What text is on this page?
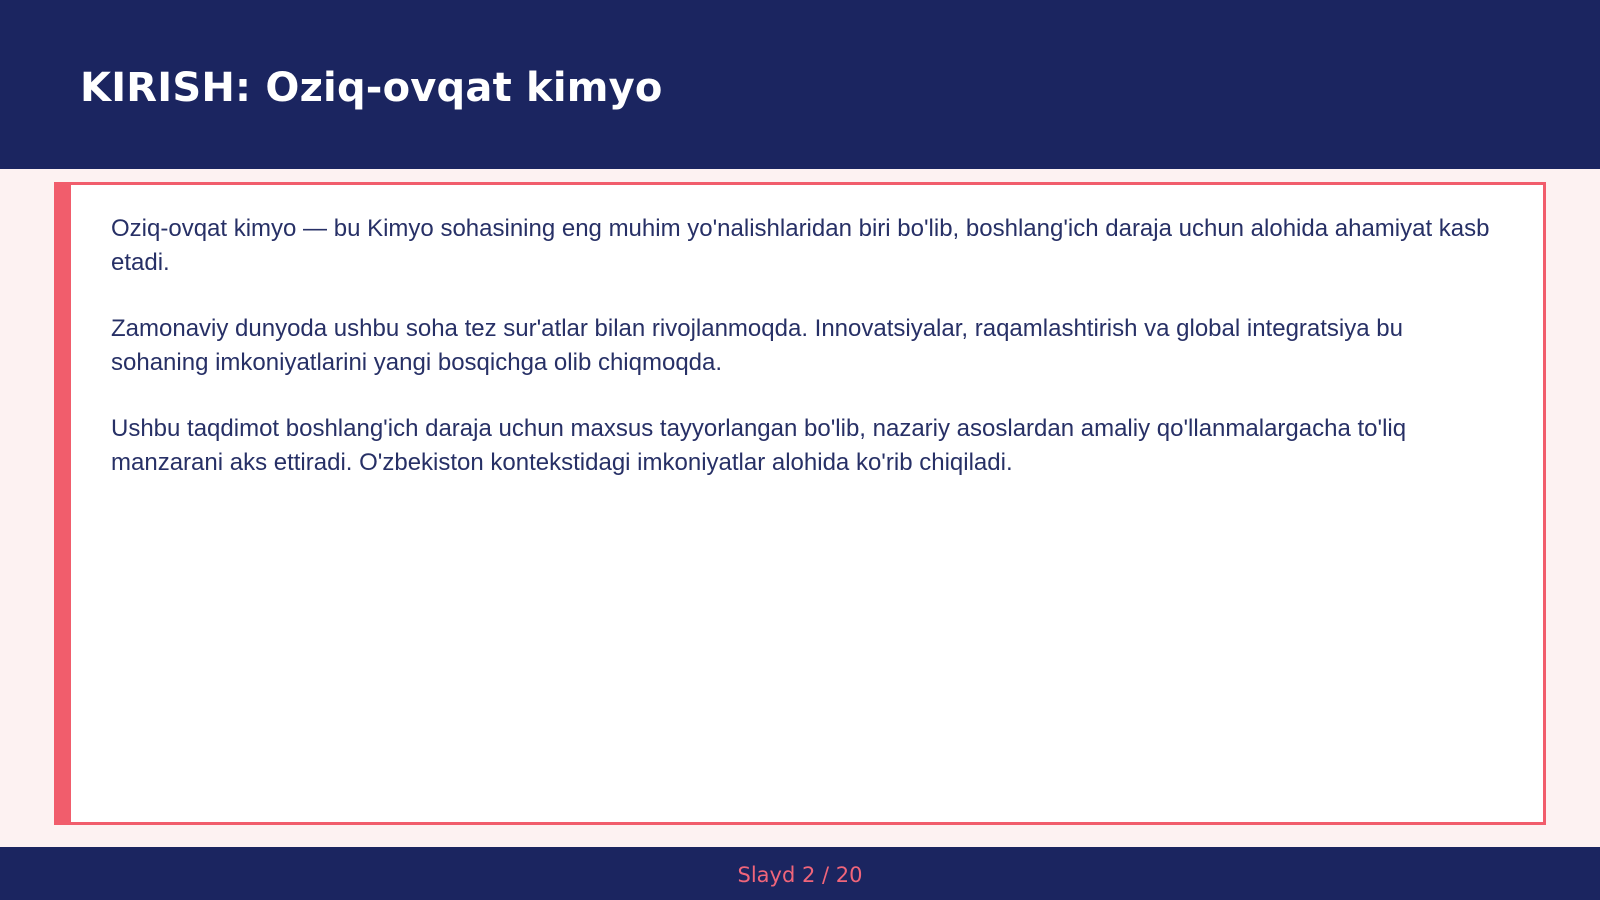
KIRISH: Oziq-ovqat kimyo

Oziq-ovqat kimyo — bu Kimyo sohasining eng muhim yo'nalishlaridan biri bo'lib, boshlang'ich daraja uchun alohida ahamiyat kasb etadi.

Zamonaviy dunyoda ushbu soha tez sur'atlar bilan rivojlanmoqda. Innovatsiyalar, raqamlashtirish va global integratsiya bu sohaning imkoniyatlarini yangi bosqichga olib chiqmoqda.

Ushbu taqdimot boshlang'ich daraja uchun maxsus tayyorlangan bo'lib, nazariy asoslardan amaliy qo'llanmalargacha to'liq manzarani aks ettiradi. O'zbekiston kontekstidagi imkoniyatlar alohida ko'rib chiqiladi.

Slayd 2 / 20
